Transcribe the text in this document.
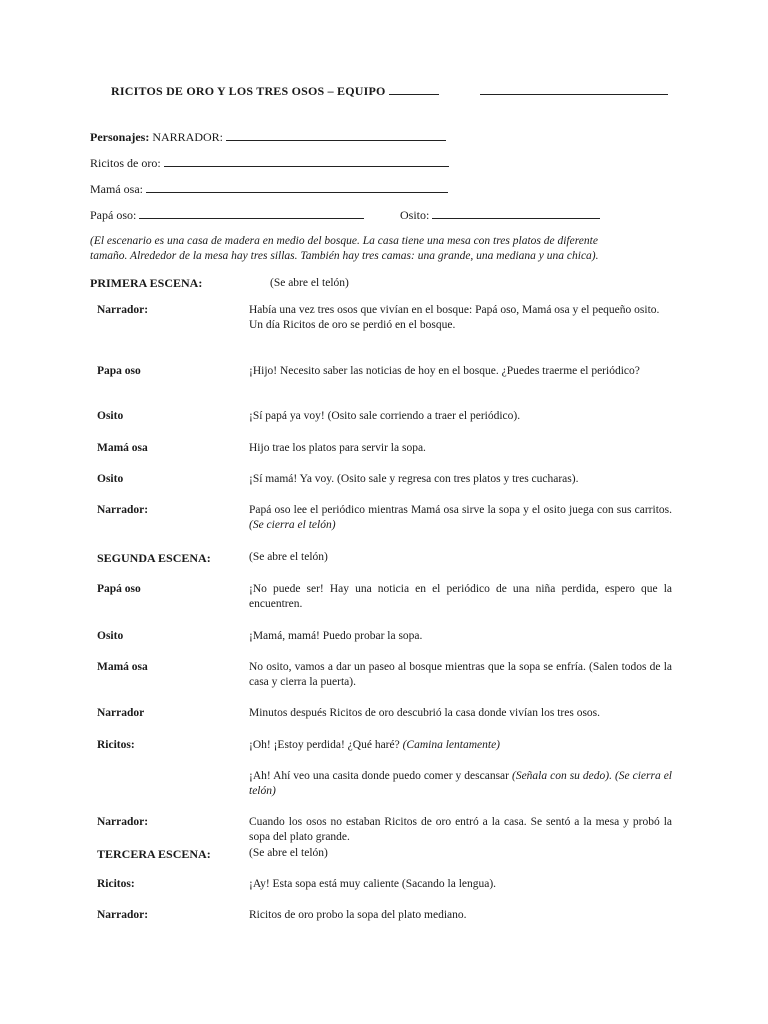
RICITOS DE ORO Y LOS TRES OSOS – EQUIPO
Personajes: NARRADOR:
Ricitos de oro:
Mamá osa:
Papá oso:	Osito:
(El escenario es una casa de madera en medio del bosque. La casa tiene una mesa con tres platos de diferente
tamaño. Alrededor de la mesa hay tres sillas. También hay tres camas: una grande, una mediana y una chica).
PRIMERA ESCENA:	(Se abre el telón)
Narrador:	Había una vez tres osos que vivían en el bosque: Papá oso, Mamá osa y el pequeño osito.
Un día Ricitos de oro se perdió en el bosque.
Papa oso	¡Hijo! Necesito saber las noticias de hoy en el bosque. ¿Puedes traerme el periódico?
Osito	¡Sí papá ya voy! (Osito sale corriendo a traer el periódico).
Mamá osa	Hijo trae los platos para servir la sopa.
Osito	¡Sí mamá! Ya voy. (Osito sale y regresa con tres platos y tres cucharas).
Narrador:	Papá oso lee el periódico mientras Mamá osa sirve la sopa y el osito juega con sus carritos. (Se cierra el telón)
SEGUNDA ESCENA:	(Se abre el telón)
Papá oso	¡No puede ser! Hay una noticia en el periódico de una niña perdida, espero que la encuentren.
Osito	¡Mamá, mamá! Puedo probar la sopa.
Mamá osa	No osito, vamos a dar un paseo al bosque mientras que la sopa se enfría. (Salen todos de la casa y cierra la puerta).
Narrador	Minutos después Ricitos de oro descubrió la casa donde vivían los tres osos.
Ricitos:	¡Oh! ¡Estoy perdida! ¿Qué haré? (Camina lentamente)
¡Ah! Ahí veo una casita donde puedo comer y descansar (Señala con su dedo). (Se cierra el telón)
Narrador:	Cuando los osos no estaban Ricitos de oro entró a la casa. Se sentó a la mesa y probó la sopa del plato grande.
TERCERA ESCENA:	(Se abre el telón)
Ricitos:	¡Ay! Esta sopa está muy caliente (Sacando la lengua).
Narrador:	Ricitos de oro probo la sopa del plato mediano.
